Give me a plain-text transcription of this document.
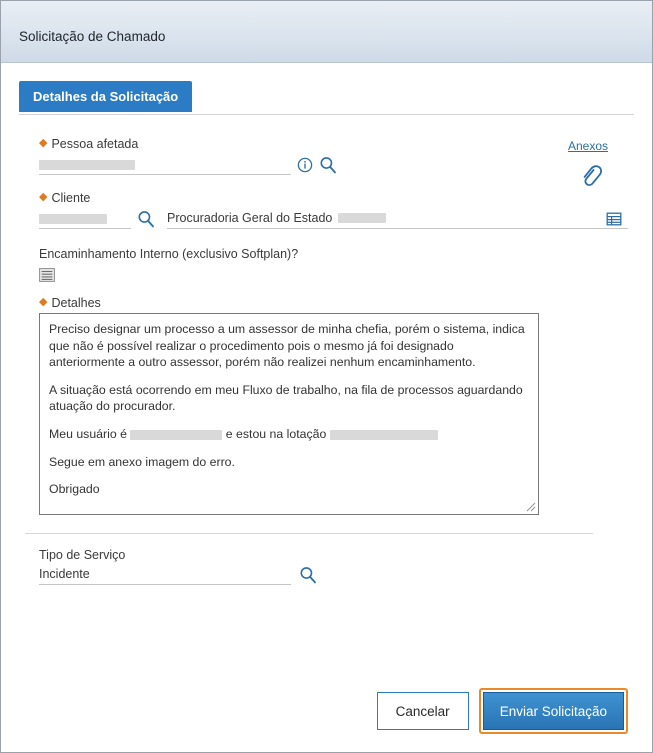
Solicitação de Chamado
Detalhes da Solicitação
Anexos
◆ Pessoa afetada
◆ Cliente
Procuradoria Geral do Estado
Encaminhamento Interno (exclusivo Softplan)?
◆ Detalhes
Preciso designar um processo a um assessor de minha chefia, porém o sistema, indica que não é possível realizar o procedimento pois o mesmo já foi designado anteriormente a outro assessor, porém não realizei nenhum encaminhamento.
A situação está ocorrendo em meu Fluxo de trabalho, na fila de processos aguardando atuação do procurador.
Meu usuário é	e estou na lotação
Segue em anexo imagem do erro.
Obrigado
Tipo de Serviço
Incidente
Cancelar	Enviar Solicitação
